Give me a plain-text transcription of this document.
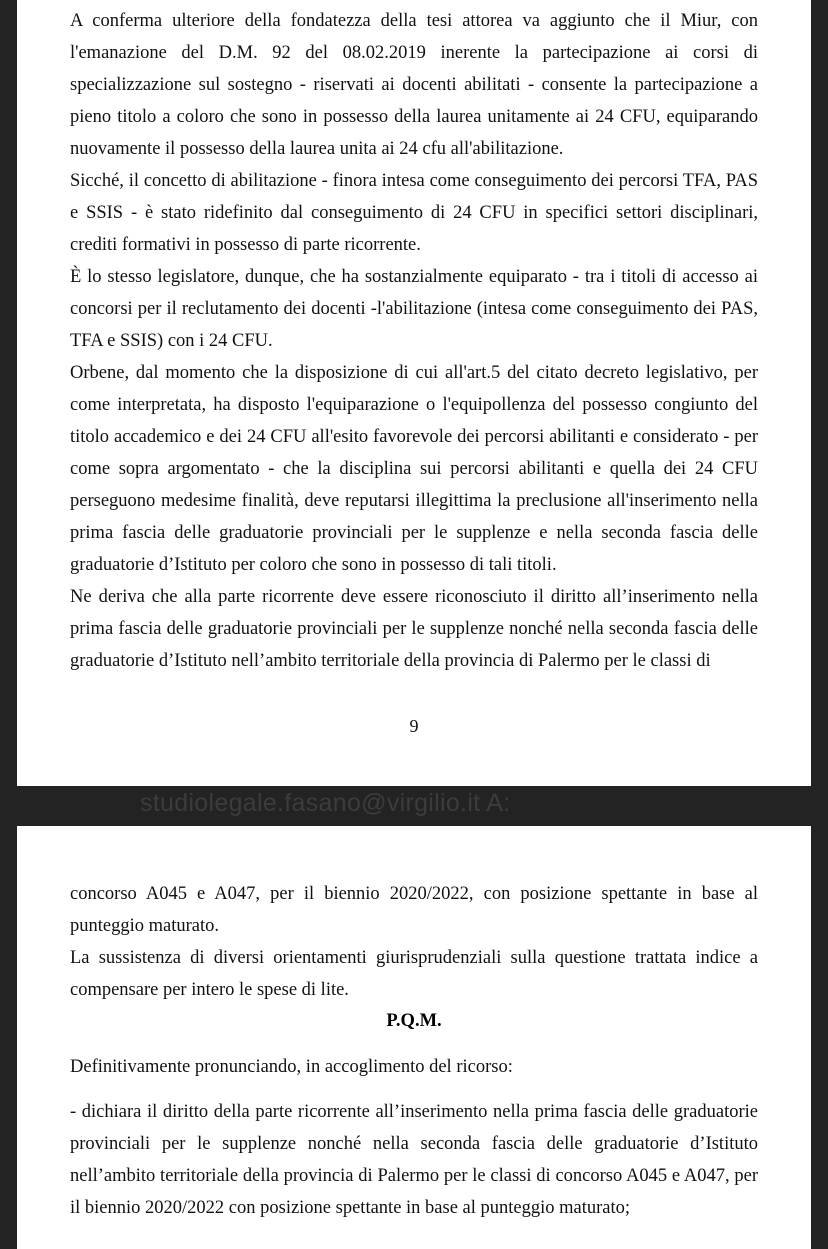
A conferma ulteriore della fondatezza della tesi attorea va aggiunto che il Miur, con l'emanazione del D.M. 92 del 08.02.2019 inerente la partecipazione ai corsi di specializzazione sul sostegno - riservati ai docenti abilitati - consente la partecipazione a pieno titolo a coloro che sono in possesso della laurea unitamente ai 24 CFU, equiparando nuovamente il possesso della laurea unita ai 24 cfu all'abilitazione.

Sicché, il concetto di abilitazione - finora intesa come conseguimento dei percorsi TFA, PAS e SSIS - è stato ridefinito dal conseguimento di 24 CFU in specifici settori disciplinari, crediti formativi in possesso di parte ricorrente.

È lo stesso legislatore, dunque, che ha sostanzialmente equiparato - tra i titoli di accesso ai concorsi per il reclutamento dei docenti -l'abilitazione (intesa come conseguimento dei PAS, TFA e SSIS) con i 24 CFU.

Orbene, dal momento che la disposizione di cui all'art.5 del citato decreto legislativo, per come interpretata, ha disposto l'equiparazione o l'equipollenza del possesso congiunto del titolo accademico e dei 24 CFU all'esito favorevole dei percorsi abilitanti e considerato - per come sopra argomentato - che la disciplina sui percorsi abilitanti e quella dei 24 CFU perseguono medesime finalità, deve reputarsi illegittima la preclusione all'inserimento nella prima fascia delle graduatorie provinciali per le supplenze e nella seconda fascia delle graduatorie d’Istituto per coloro che sono in possesso di tali titoli.

Ne deriva che alla parte ricorrente deve essere riconosciuto il diritto all’inserimento nella prima fascia delle graduatorie provinciali per le supplenze nonché nella seconda fascia delle graduatorie d’Istituto nell’ambito territoriale della provincia di Palermo per le classi di

9
studiolegale.fasano@virgilio.it A:

concorso A045 e A047, per il biennio 2020/2022, con posizione spettante in base al punteggio maturato.

La sussistenza di diversi orientamenti giurisprudenziali sulla questione trattata indice a compensare per intero le spese di lite.

Definitivamente pronunciando, in accoglimento del ricorso:

- dichiara il diritto della parte ricorrente all’inserimento nella prima fascia delle graduatorie provinciali per le supplenze nonché nella seconda fascia delle graduatorie d’Istituto nell’ambito territoriale della provincia di Palermo per le classi di concorso A045 e A047, per il biennio 2020/2022 con posizione spettante in base al punteggio maturato;

P.Q.M.
